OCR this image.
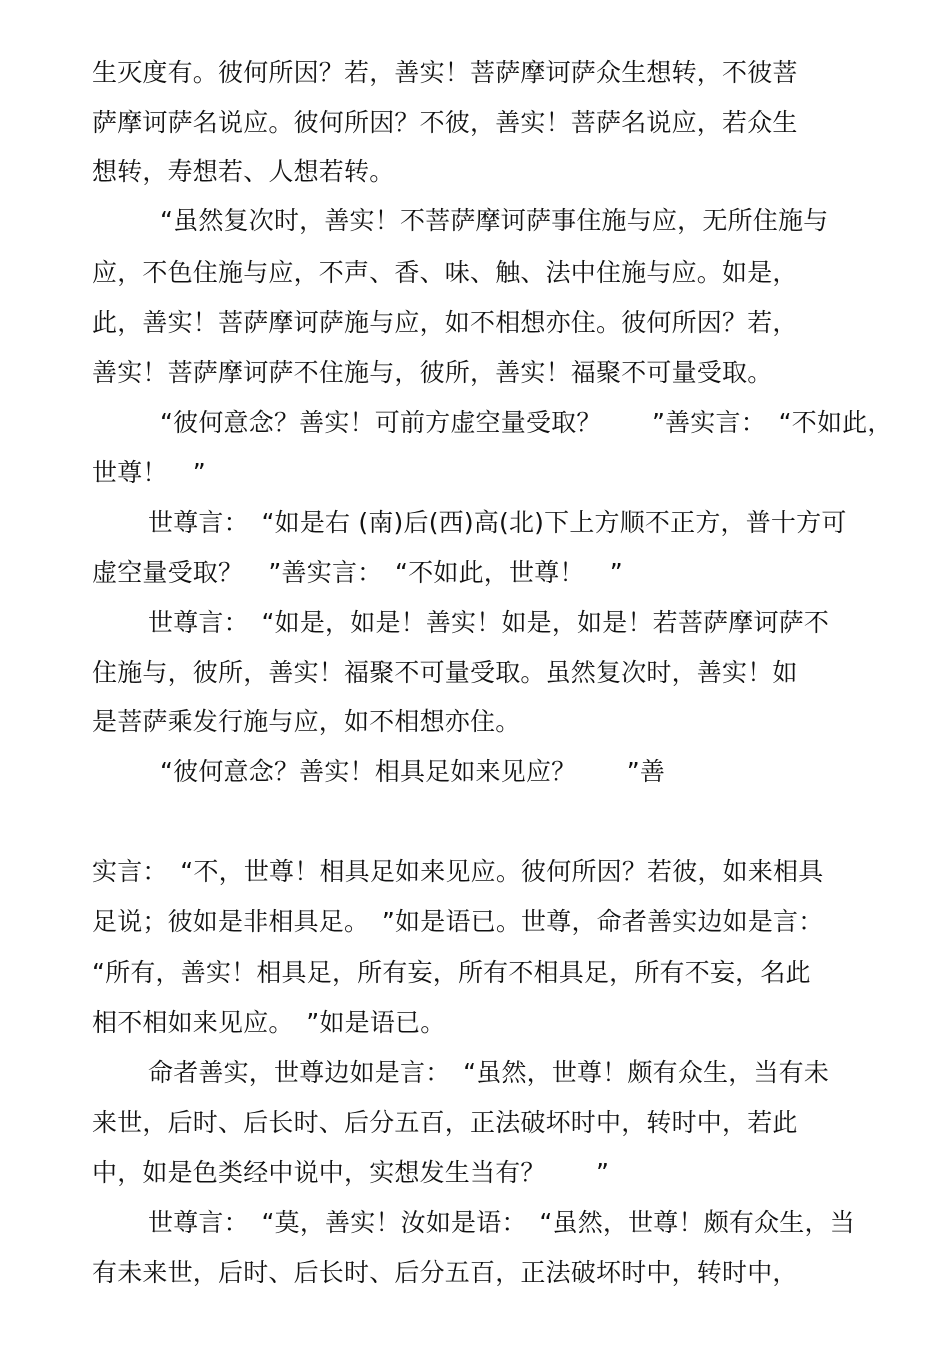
生灭度有。彼何所因？若，善实！菩萨摩诃萨众生想转，不彼菩
萨摩诃萨名说应。彼何所因？不彼，善实！菩萨名说应，若众生
想转，寿想若、人想若转。
“虽然复次时，善实！不菩萨摩诃萨事住施与应，无所住施与
应，不色住施与应，不声、香、味、触、法中住施与应。如是，
此，善实！菩萨摩诃萨施与应，如不相想亦住。彼何所因？若，
善实！菩萨摩诃萨不住施与，彼所，善实！福聚不可量受取。
“彼何意念？善实！可前方虚空量受取？　　”善实言：　“不如此，
世尊！　”
世尊言：　“如是右 (南)后(西)高(北)下上方顺不正方，普十方可
虚空量受取？　”善实言：　“不如此，世尊！　”
世尊言：　“如是，如是！善实！如是，如是！若菩萨摩诃萨不
住施与，彼所，善实！福聚不可量受取。虽然复次时，善实！如
是菩萨乘发行施与应，如不相想亦住。
“彼何意念？善实！相具足如来见应？　　”善
实言：　“不，世尊！相具足如来见应。彼何所因？若彼，如来相具
足说；彼如是非相具足。　”如是语已。世尊，命者善实边如是言：
“所有，善实！相具足，所有妄，所有不相具足，所有不妄，名此
相不相如来见应。　”如是语已。
命者善实，世尊边如是言：　“虽然，世尊！颇有众生，当有未
来世，后时、后长时、后分五百，正法破坏时中，转时中，若此
中，如是色类经中说中，实想发生当有？　　”
世尊言：　“莫，善实！汝如是语：　“虽然，世尊！颇有众生，当
有未来世，后时、后长时、后分五百，正法破坏时中，转时中，
